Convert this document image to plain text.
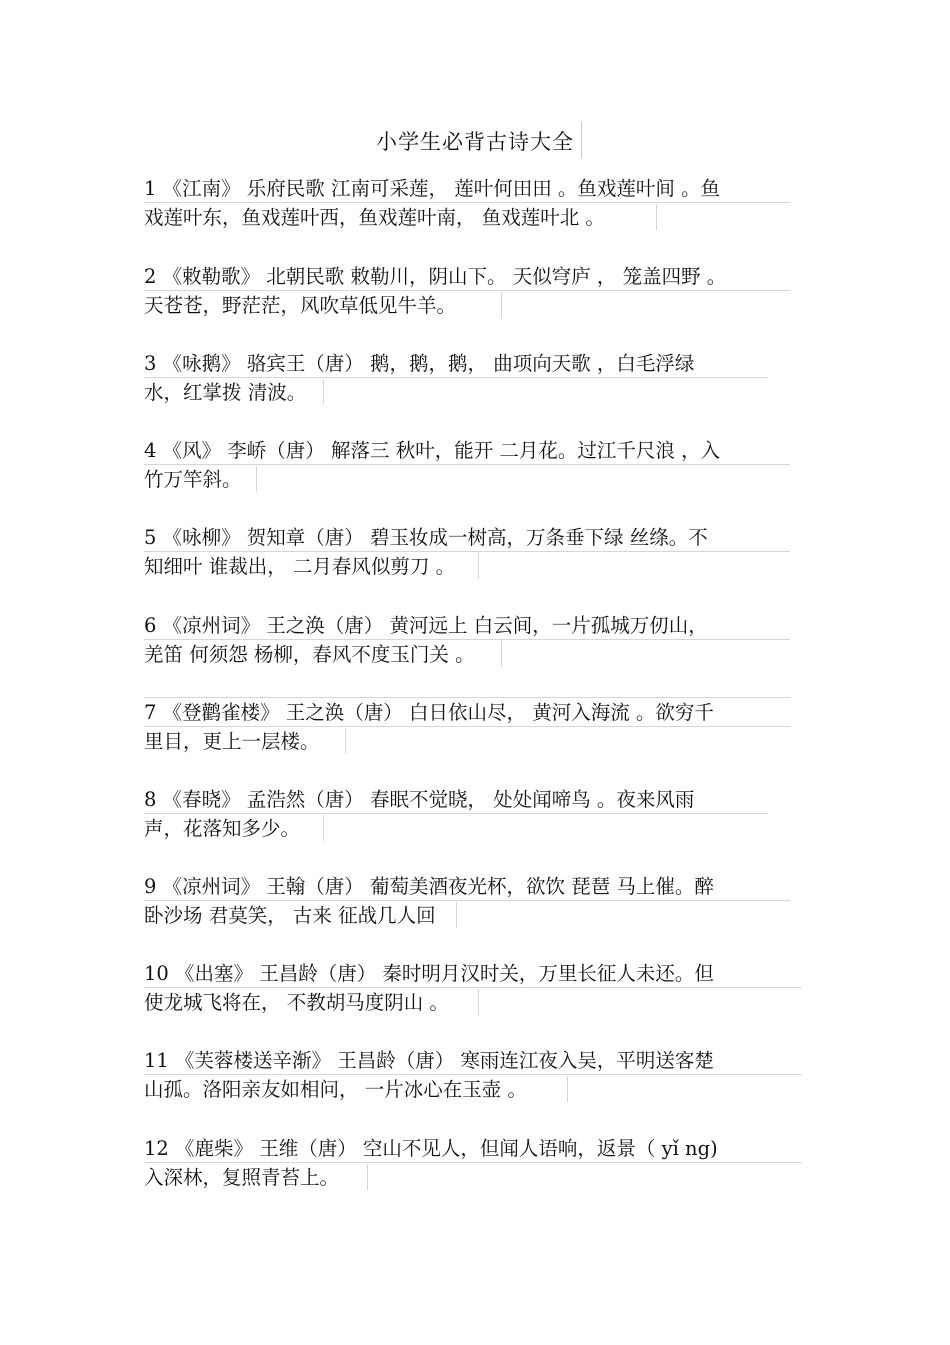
小学生必背古诗大全
1 《江南》 乐府民歌 江南可采莲， 莲叶何田田 。鱼戏莲叶间 。鱼
戏莲叶东，鱼戏莲叶西，鱼戏莲叶南， 鱼戏莲叶北 。
2 《敕勒歌》 北朝民歌 敕勒川，阴山下。 天似穹庐 ， 笼盖四野 。
天苍苍，野茫茫，风吹草低见牛羊。
3 《咏鹅》 骆宾王（唐） 鹅，鹅，鹅， 曲项向天歌 ，白毛浮绿
水，红掌拨 清波。
4 《风》 李峤（唐） 解落三 秋叶，能开 二月花。过江千尺浪 ，入
竹万竿斜。
5 《咏柳》 贺知章（唐） 碧玉妆成一树高，万条垂下绿 丝绦。不
知细叶 谁裁出， 二月春风似剪刀 。
6 《凉州词》 王之涣（唐） 黄河远上 白云间，一片孤城万仞山，
羌笛 何须怨 杨柳，春风不度玉门关 。
7 《登鹳雀楼》 王之涣（唐） 白日依山尽， 黄河入海流 。欲穷千
里目，更上一层楼。
8 《春晓》 孟浩然（唐） 春眠不觉晓， 处处闻啼鸟 。夜来风雨
声，花落知多少。
9 《凉州词》 王翰（唐） 葡萄美酒夜光杯，欲饮 琵琶 马上催。醉
卧沙场 君莫笑， 古来 征战几人回
10 《出塞》 王昌龄（唐） 秦时明月汉时关，万里长征人未还。但
使龙城飞将在， 不教胡马度阴山 。
11 《芙蓉楼送辛渐》 王昌龄（唐） 寒雨连江夜入吴，平明送客楚
山孤。洛阳亲友如相问， 一片冰心在玉壶 。
12 《鹿柴》 王维（唐） 空山不见人，但闻人语响，返景（ yǐ ng)
入深林，复照青苔上。
